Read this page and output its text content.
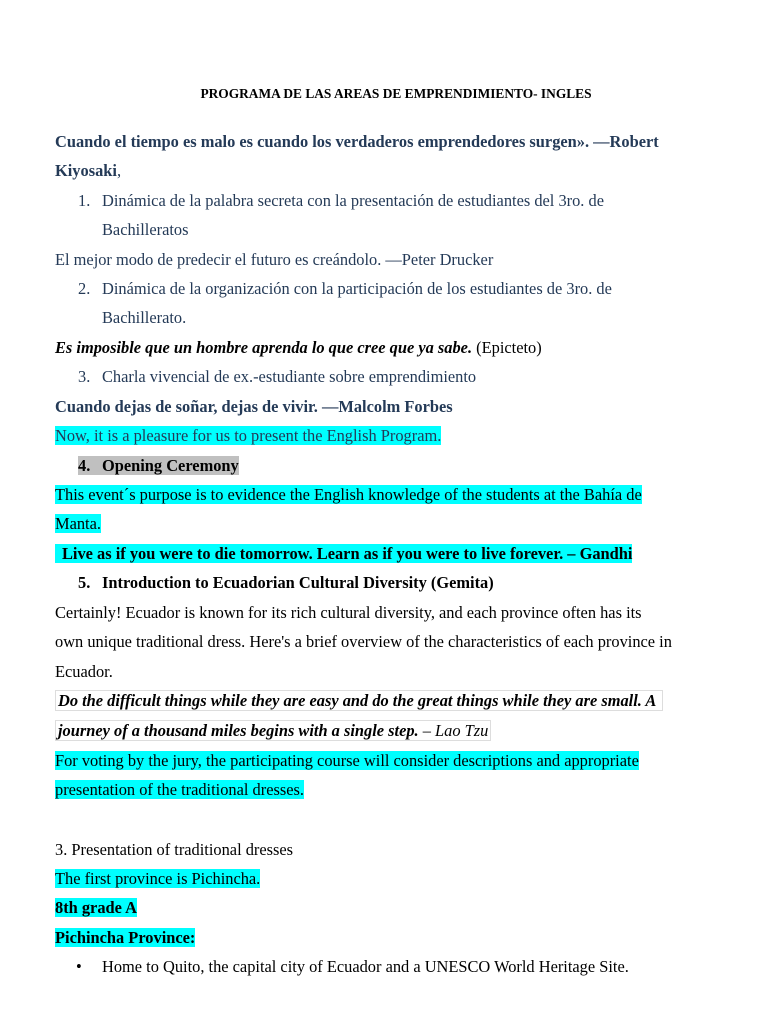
PROGRAMA DE LAS AREAS DE EMPRENDIMIENTO- INGLES
Cuando el tiempo es malo es cuando los verdaderos emprendedores surgen». —Robert
Kiyosaki,
1. Dinámica de la palabra secreta con la presentación de estudiantes del 3ro. de
Bachilleratos
El mejor modo de predecir el futuro es creándolo. —Peter Drucker
2. Dinámica de la organización con la participación de los estudiantes de 3ro. de
Bachillerato.
Es imposible que un hombre aprenda lo que cree que ya sabe. (Epicteto)
3. Charla vivencial de ex.-estudiante sobre emprendimiento
Cuando dejas de soñar, dejas de vivir. —Malcolm Forbes
Now, it is a pleasure for us to present the English Program.
4. Opening Ceremony
This event´s purpose is to evidence the English knowledge of the students at the Bahía de
Manta.
Live as if you were to die tomorrow. Learn as if you were to live forever. – Gandhi
5. Introduction to Ecuadorian Cultural Diversity (Gemita)
Certainly! Ecuador is known for its rich cultural diversity, and each province often has its
own unique traditional dress. Here's a brief overview of the characteristics of each province in
Ecuador.
Do the difficult things while they are easy and do the great things while they are small. A
journey of a thousand miles begins with a single step. – Lao Tzu
For voting by the jury, the participating course will consider descriptions and appropriate
presentation of the traditional dresses.
3. Presentation of traditional dresses
The first province is Pichincha.
8th grade A
Pichincha Province:
• Home to Quito, the capital city of Ecuador and a UNESCO World Heritage Site.
